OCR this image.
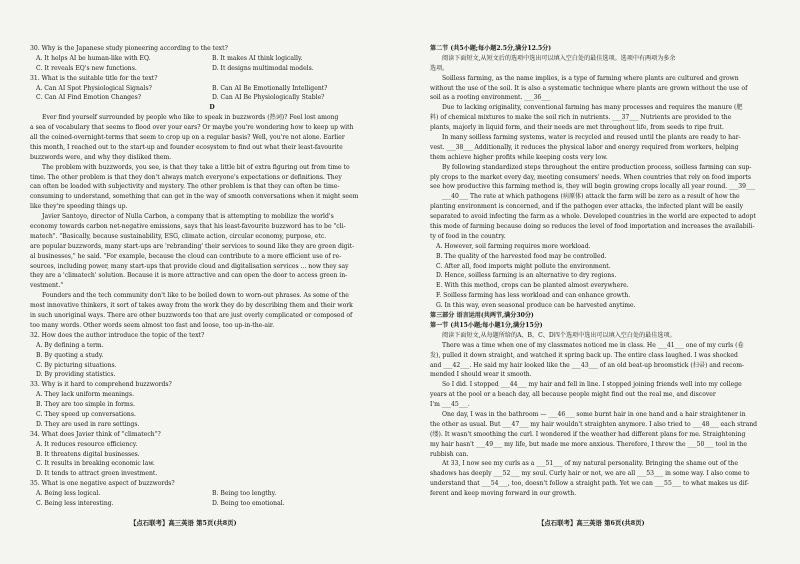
30. Why is the Japanese study pioneering according to the text?
A. It helps AI be human-like with EQ.	B. It makes AI think logically.
C. It reveals EQ's new functions.	D. It designs multimodal models.
31. What is the suitable title for the text?
A. Can AI Spot Physiological Signals?	B. Can AI Be Emotionally Intelligent?
C. Can AI Find Emotion Changes?	D. Can AI Be Physiologically Stable?
D
Ever find yourself surrounded by people who like to speak in buzzwords (热词)? Feel lost among
a sea of vocabulary that seems to flood over your ears? Or maybe you're wondering how to keep up with
all the coined-overnight-terms that seem to crop up on a regular basis? Well, you're not alone. Earlier
this month, I reached out to the start-up and founder ecosystem to find out what their least-favourite
buzzwords were, and why they disliked them.
The problem with buzzwords, you see, is that they take a little bit of extra figuring out from time to
time. The other problem is that they don't always match everyone's expectations or definitions. They
can often be loaded with subjectivity and mystery. The other problem is that they can often be time-
consuming to understand, something that can get in the way of smooth conversations when it might seem
like they're speeding things up.
Javier Santoyo, director of Nulla Carbon, a company that is attempting to mobilize the world's
economy towards carbon net-negative emissions, says that his least-favourite buzzword has to be "cli-
matech". "Basically, because sustainability, ESG, climate action, circular economy, purpose, etc.
are popular buzzwords, many start-ups are 'rebranding' their services to sound like they are green digit-
al businesses," he said. "For example, because the cloud can contribute to a more efficient use of re-
sources, including power, many start-ups that provide cloud and digitalisation services ... now they say
they are a 'climatech' solution. Because it is more attractive and can open the door to access green in-
vestment."
Founders and the tech community don't like to be boiled down to worn-out phrases. As some of the
most innovative thinkers, it sort of takes away from the work they do by describing them and their work
in such unoriginal ways. There are other buzzwords too that are just overly complicated or composed of
too many words. Other words seem almost too fast and loose, too up-in-the-air.
32. How does the author introduce the topic of the text?
A. By defining a term.
B. By quoting a study.
C. By picturing situations.
D. By providing statistics.
33. Why is it hard to comprehend buzzwords?
A. They lack uniform meanings.
B. They are too simple in forms.
C. They speed up conversations.
D. They are used in rare settings.
34. What does Javier think of "climatech"?
A. It reduces resource efficiency.
B. It threatens digital businesses.
C. It results in breaking economic law.
D. It tends to attract green investment.
35. What is one negative aspect of buzzwords?
A. Being less logical.	B. Being too lengthy.
C. Being less interesting.	D. Being too emotional.
第二节 (共5小题;每小题2.5分,满分12.5分)
阅读下面短文,从短文后的选项中选出可以填入空白处的最佳选项。选项中有两项为多余
选项。
Soilless farming, as the name implies, is a type of farming where plants are cultured and grown
without the use of the soil. It is also a systematic technique where plants are grown without the use of
soil as a rooting environment. ___36___
Due to lacking originality, conventional farming has many processes and requires the manure (肥
料) of chemical mixtures to make the soil rich in nutrients. ___37___ Nutrients are provided to the
plants, majorly in liquid form, and their needs are met throughout life, from seeds to ripe fruit.
In many soilless farming systems, water is recycled and reused until the plants are ready to har-
vest. ___38___ Additionally, it reduces the physical labor and energy required from workers, helping
them achieve higher profits while keeping costs very low.
By following standardized steps throughout the entire production process, soilless farming can sup-
ply crops to the market every day, meeting consumers' needs. When countries that rely on food imports
see how productive this farming method is, they will begin growing crops locally all year round. ___39___
___40___ The rate at which pathogens (病原体) attack the farm will be zero as a result of how the
planting environment is concerned, and if the pathogen ever attacks, the infected plant will be easily
separated to avoid infecting the farm as a whole. Developed countries in the world are expected to adopt
this mode of farming because doing so reduces the level of food importation and increases the availabili-
ty of food in the country.
A. However, soil farming requires more workload.
B. The quality of the harvested food may be controlled.
C. After all, food imports might pollute the environment.
D. Hence, soilless farming is an alternative to dry regions.
E. With this method, crops can be planted almost everywhere.
F. Soilless farming has less workload and can enhance growth.
G. In this way, even seasonal produce can be harvested anytime.
第三部分 语言运用(共两节,满分30分)
第一节 (共15小题;每小题1分,满分15分)
阅读下面短文,从每题所给的A、B、C、D四个选项中选出可以填入空白处的最佳选项。
There was a time when one of my classmates noticed me in class. He ___41___ one of my curls (卷
发), pulled it down straight, and watched it spring back up. The entire class laughed. I was shocked
and ___42___. He said my hair looked like the ___43___ of an old beat-up broomstick (扫帚) and recom-
mended I should wear it smooth.
So I did. I stopped ___44___ my hair and fell in line. I stopped joining friends well into my college
years at the pool or a beach day, all because people might find out the real me, and discover
I'm ___45___.
One day, I was in the bathroom — ___46___ some burnt hair in one hand and a hair straightener in
the other as usual. But ___47___ my hair wouldn't straighten anymore. I also tried to ___48___ each strand
(缕). It wasn't smoothing the curl. I wondered if the weather had different plans for me. Straightening
my hair hasn't ___49___ my life, but made me more anxious. Therefore, I threw the ___50___ tool in the
rubbish can.
At 33, I now see my curls as a ___51___ of my natural personality. Bringing the shame out of the
shadows has deeply ___52___ my soul. Curly hair or not, we are all ___53___ in some way. I also come to
understand that ___54___, too, doesn't follow a straight path. Yet we can ___55___ to what makes us dif-
ferent and keep moving forward in our growth.
【点石联考】高三英语 第5页(共8页)	【点石联考】高三英语 第6页(共8页)
